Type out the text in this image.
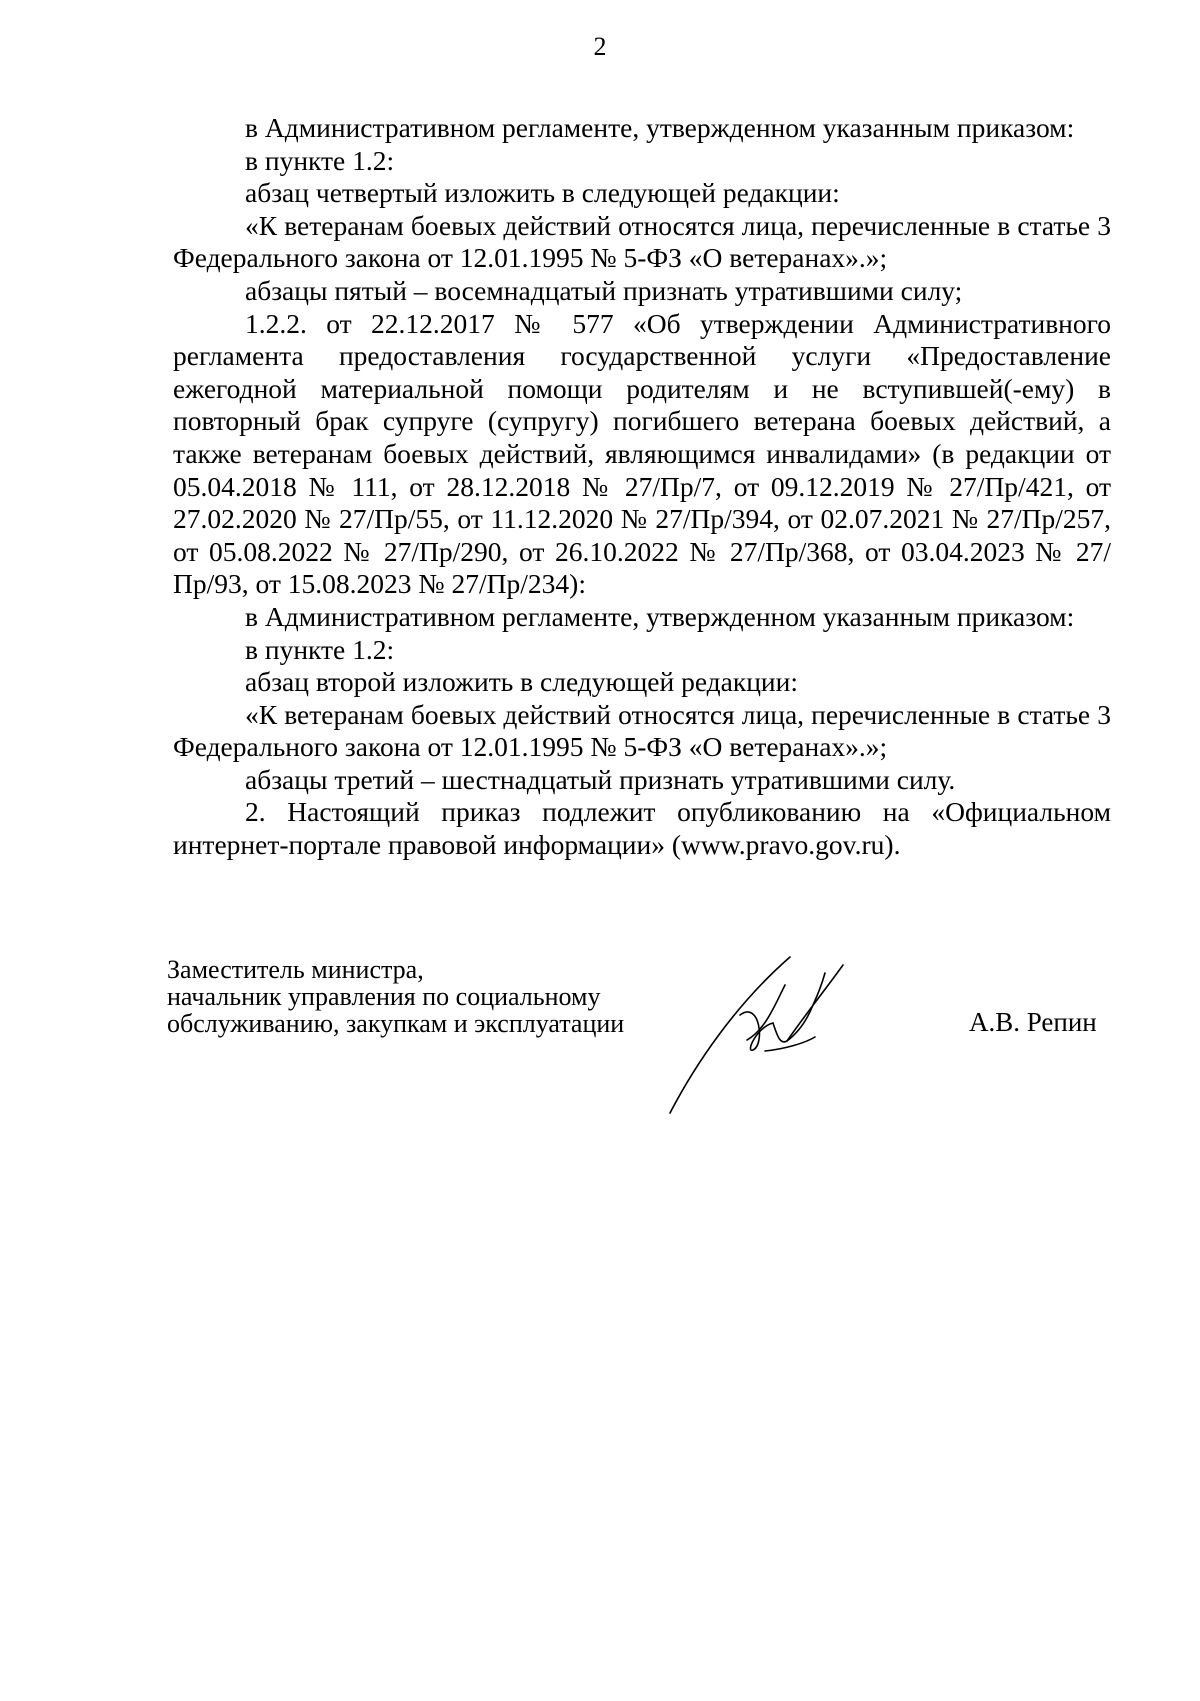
2

в Административном регламенте, утвержденном указанным приказом:

в пункте 1.2:

абзац четвертый изложить в следующей редакции:

«К ветеранам боевых действий относятся лица, перечисленные в статье 3 Федерального закона от 12.01.1995 № 5-ФЗ «О ветеранах».»;

абзацы пятый – восемнадцатый признать утратившими силу;

1.2.2. от 22.12.2017 № 577 «Об утверждении Административного регламента предоставления государственной услуги «Предоставление ежегодной материальной помощи родителям и не вступившей(-ему) в повторный брак супруге (супругу) погибшего ветерана боевых действий, а также ветеранам боевых действий, являющимся инвалидами» (в редакции от 05.04.2018 № 111, от 28.12.2018 № 27/Пр/7, от 09.12.2019 № 27/Пр/421, от 27.02.2020 № 27/Пр/55, от 11.12.2020 № 27/Пр/394, от 02.07.2021 № 27/Пр/257, от 05.08.2022 № 27/Пр/290, от 26.10.2022 № 27/Пр/368, от 03.04.2023 № 27/Пр/93, от 15.08.2023 № 27/Пр/234):

в Административном регламенте, утвержденном указанным приказом:

в пункте 1.2:

абзац второй изложить в следующей редакции:

«К ветеранам боевых действий относятся лица, перечисленные в статье 3 Федерального закона от 12.01.1995 № 5-ФЗ «О ветеранах».»;

абзацы третий – шестнадцатый признать утратившими силу.

2. Настоящий приказ подлежит опубликованию на «Официальном интернет-портале правовой информации» (www.pravo.gov.ru).

Заместитель министра,
начальник управления по социальному
обслуживанию, закупкам и эксплуатации	А.В. Репин
